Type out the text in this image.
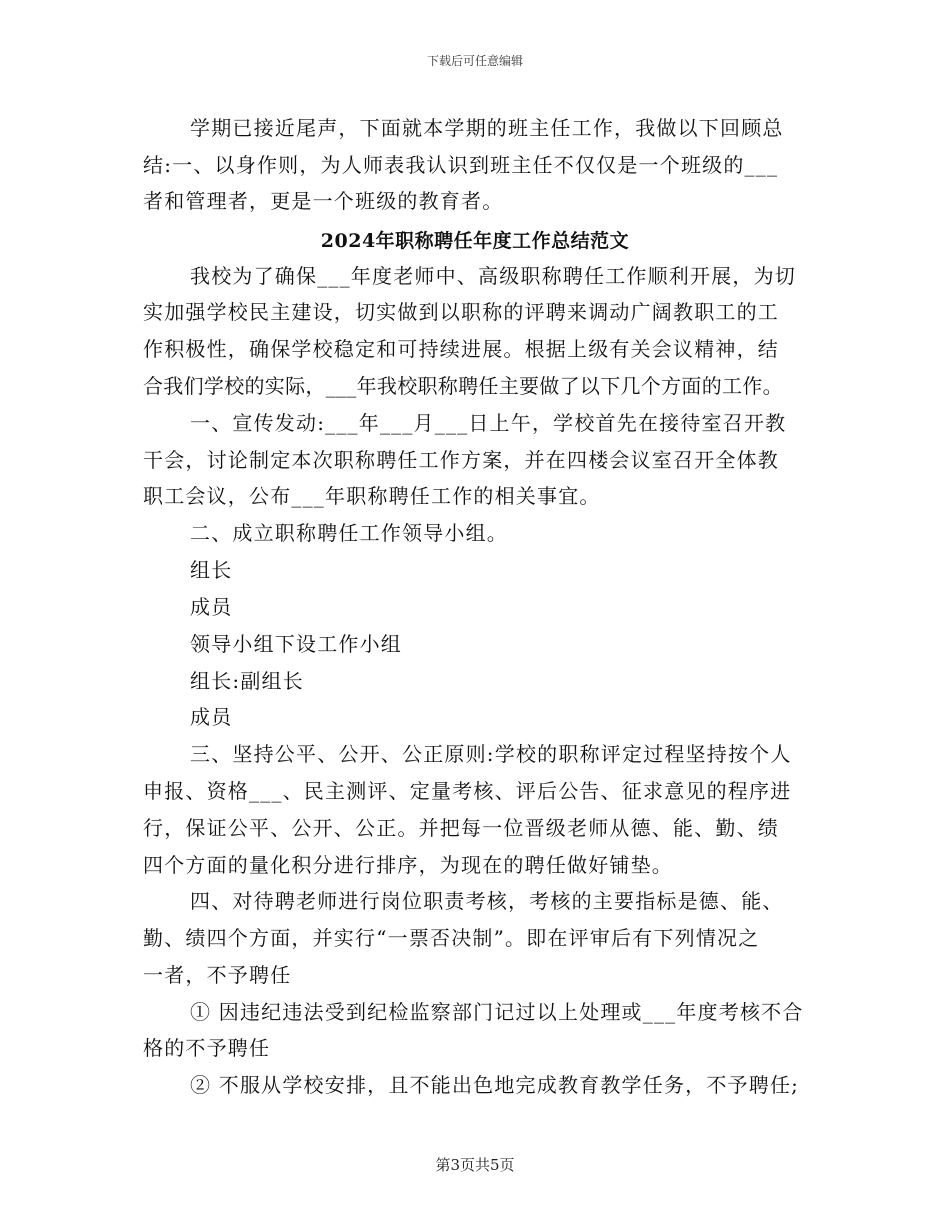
下载后可任意编辑
学期已接近尾声，下面就本学期的班主任工作，我做以下回顾总
结:一、以身作则，为人师表我认识到班主任不仅仅是一个班级的___
者和管理者，更是一个班级的教育者。
2024年职称聘任年度工作总结范文
我校为了确保___年度老师中、高级职称聘任工作顺利开展，为切
实加强学校民主建设，切实做到以职称的评聘来调动广阔教职工的工
作积极性，确保学校稳定和可持续进展。根据上级有关会议精神，结
合我们学校的实际，___年我校职称聘任主要做了以下几个方面的工作。
一、宣传发动:___年___月___日上午，学校首先在接待室召开教
干会，讨论制定本次职称聘任工作方案，并在四楼会议室召开全体教
职工会议，公布___年职称聘任工作的相关事宜。
二、成立职称聘任工作领导小组。
组长
成员
领导小组下设工作小组
组长:副组长
成员
三、坚持公平、公开、公正原则:学校的职称评定过程坚持按个人
申报、资格___、民主测评、定量考核、评后公告、征求意见的程序进
行，保证公平、公开、公正。并把每一位晋级老师从德、能、勤、绩
四个方面的量化积分进行排序，为现在的聘任做好铺垫。
四、对待聘老师进行岗位职责考核，考核的主要指标是德、能、
勤、绩四个方面，并实行“一票否决制”。即在评审后有下列情况之
一者，不予聘任
① 因违纪违法受到纪检监察部门记过以上处理或___年度考核不合
格的不予聘任
② 不服从学校安排，且不能出色地完成教育教学任务，不予聘任;
第3页共5页
